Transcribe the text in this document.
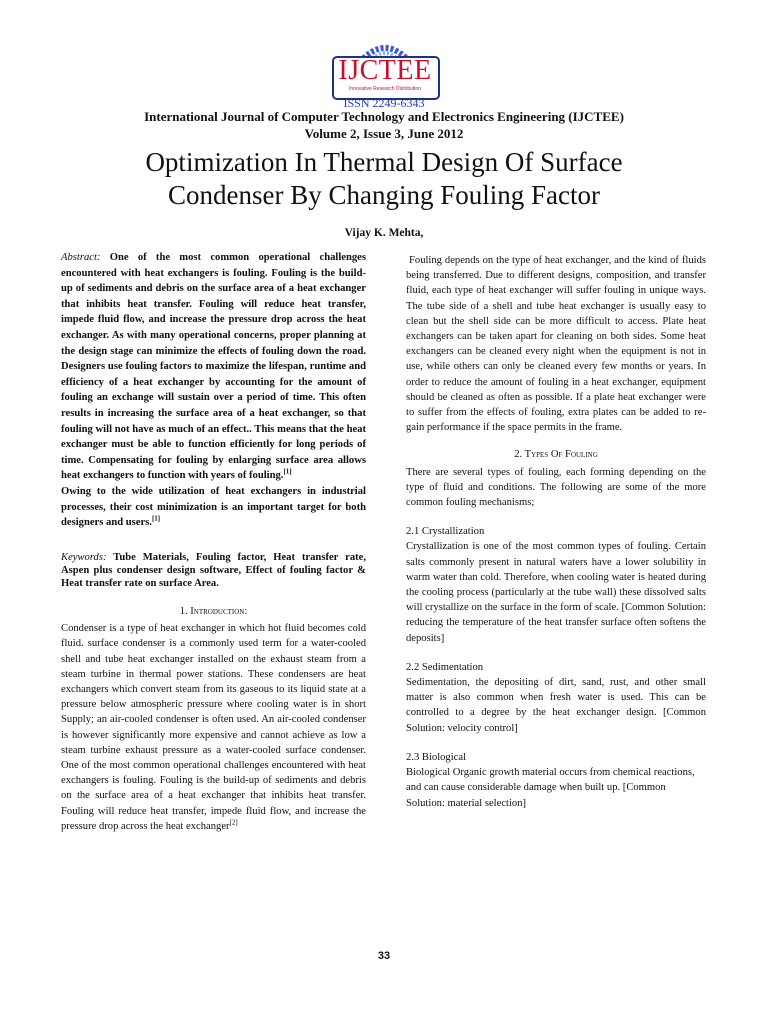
IJCTEE
Innovative Research Distribution
ISSN 2249-6343
International Journal of Computer Technology and Electronics Engineering (IJCTEE)
Volume 2, Issue 3, June 2012
Optimization In Thermal Design Of Surface
Condenser By Changing Fouling Factor
Vijay K. Mehta,

Abstract: One of the most common operational challenges encountered with heat exchangers is fouling. Fouling is the build-up of sediments and debris on the surface area of a heat exchanger that inhibits heat transfer. Fouling will reduce heat transfer, impede fluid flow, and increase the pressure drop across the heat exchanger. As with many operational concerns, proper planning at the design stage can minimize the effects of fouling down the road. Designers use fouling factors to maximize the lifespan, runtime and efficiency of a heat exchanger by accounting for the amount of fouling an exchange will sustain over a period of time. This often results in increasing the surface area of a heat exchanger, so that fouling will not have as much of an effect.. This means that the heat exchanger must be able to function efficiently for long periods of time. Compensating for fouling by enlarging surface area allows heat exchangers to function with years of fouling.[1]

Owing to the wide utilization of heat exchangers in industrial processes, their cost minimization is an important target for both designers and users.[1]

Keywords: Tube Materials, Fouling factor, Heat transfer rate, Aspen plus condenser design software, Effect of fouling factor & Heat transfer rate on surface Area.
1. Introduction:

Condenser is a type of heat exchanger in which hot fluid becomes cold fluid. surface condenser is a commonly used term for a water-cooled shell and tube heat exchanger installed on the exhaust steam from a steam turbine in thermal power stations. These condensers are heat exchangers which convert steam from its gaseous to its liquid state at a pressure below atmospheric pressure where cooling water is in short Supply; an air-cooled condenser is often used. An air-cooled condenser is however significantly more expensive and cannot achieve as low a steam turbine exhaust pressure as a water-cooled surface condenser. One of the most common operational challenges encountered with heat exchangers is fouling. Fouling is the build-up of sediments and debris on the surface area of a heat exchanger that inhibits heat transfer. Fouling will reduce heat transfer, impede fluid flow, and increase the pressure drop across the heat exchanger[2]

Fouling depends on the type of heat exchanger, and the kind of fluids being transferred. Due to different designs, composition, and transfer fluid, each type of heat exchanger will suffer fouling in unique ways. The tube side of a shell and tube heat exchanger is usually easy to clean but the shell side can be more difficult to access. Plate heat exchangers can be taken apart for cleaning on both sides. Some heat exchangers can be cleaned every night when the equipment is not in use, while others can only be cleaned every few months or years. In order to reduce the amount of fouling in a heat exchanger, equipment should be cleaned as often as possible. If a plate heat exchanger were to suffer from the effects of fouling, extra plates can be added to re-gain performance if the space permits in the frame.

2. Types Of Fouling

There are several types of fouling, each forming depending on the type of fluid and conditions. The following are some of the more common fouling mechanisms;

2.1 Crystallization

Crystallization is one of the most common types of fouling. Certain salts commonly present in natural waters have a lower solubility in warm water than cold. Therefore, when cooling water is heated during the cooling process (particularly at the tube wall) these dissolved salts will crystallize on the surface in the form of scale. [Common Solution: reducing the temperature of the heat transfer surface often softens the deposits]

2.2 Sedimentation

Sedimentation, the depositing of dirt, sand, rust, and other small matter is also common when fresh water is used. This can be controlled to a degree by the heat exchanger design. [Common Solution: velocity control]

2.3 Biological

Biological Organic growth material occurs from chemical reactions, and can cause considerable damage when built up. [Common Solution: material selection]

33
